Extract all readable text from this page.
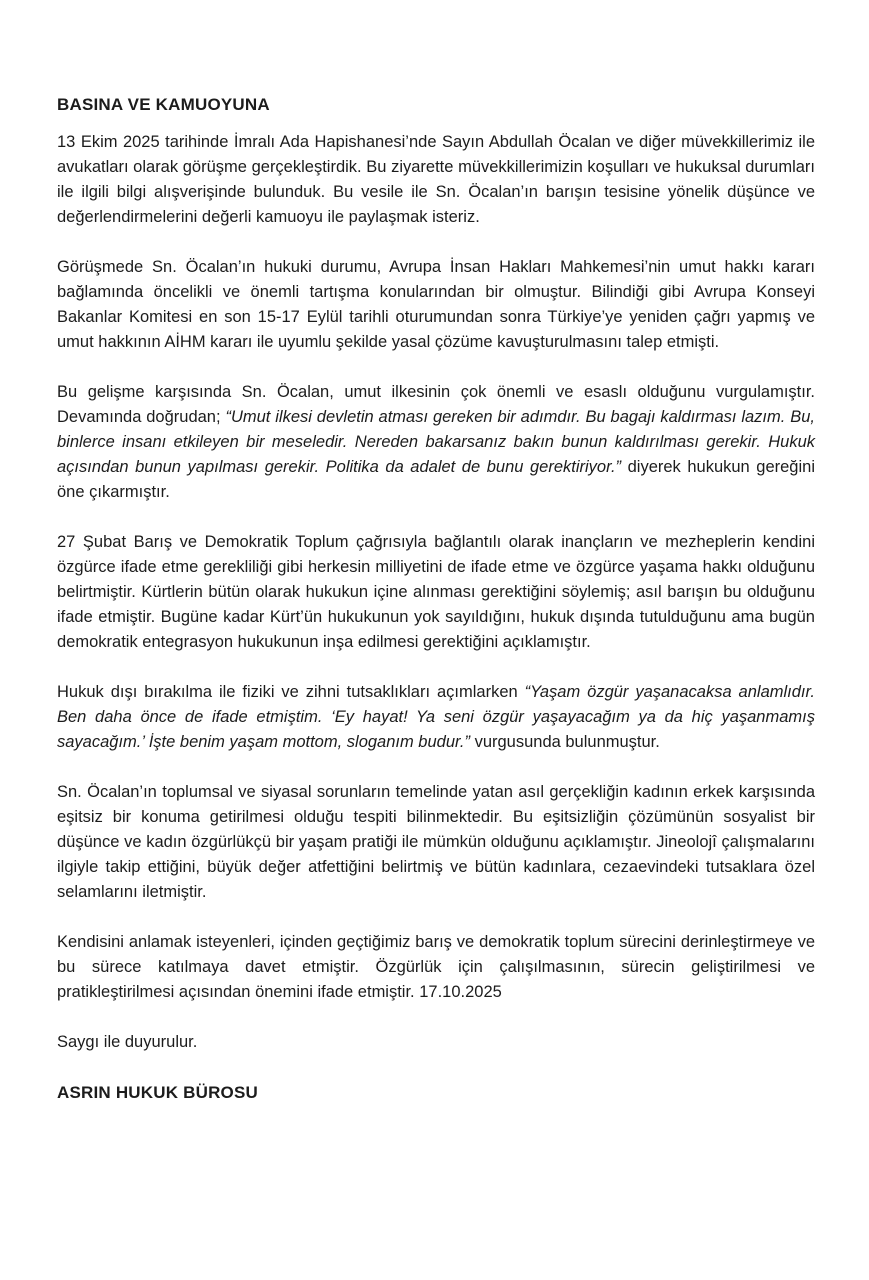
BASINA VE KAMUOYUNA

13 Ekim 2025 tarihinde İmralı Ada Hapishanesi’nde Sayın Abdullah Öcalan ve diğer müvekkillerimiz ile avukatları olarak görüşme gerçekleştirdik. Bu ziyarette müvekkillerimizin koşulları ve hukuksal durumları ile ilgili bilgi alışverişinde bulunduk. Bu vesile ile Sn. Öcalan’ın barışın tesisine yönelik düşünce ve değerlendirmelerini değerli kamuoyu ile paylaşmak isteriz.

Görüşmede Sn. Öcalan’ın hukuki durumu, Avrupa İnsan Hakları Mahkemesi’nin umut hakkı kararı bağlamında öncelikli ve önemli tartışma konularından bir olmuştur. Bilindiği gibi Avrupa Konseyi Bakanlar Komitesi en son 15-17 Eylül tarihli oturumundan sonra Türkiye’ye yeniden çağrı yapmış ve umut hakkının AİHM kararı ile uyumlu şekilde yasal çözüme kavuşturulmasını talep etmişti.

Bu gelişme karşısında Sn. Öcalan, umut ilkesinin çok önemli ve esaslı olduğunu vurgulamıştır. Devamında doğrudan; “Umut ilkesi devletin atması gereken bir adımdır. Bu bagajı kaldırması lazım. Bu, binlerce insanı etkileyen bir meseledir. Nereden bakarsanız bakın bunun kaldırılması gerekir. Hukuk açısından bunun yapılması gerekir. Politika da adalet de bunu gerektiriyor.” diyerek hukukun gereğini öne çıkarmıştır.

27 Şubat Barış ve Demokratik Toplum çağrısıyla bağlantılı olarak inançların ve mezheplerin kendini özgürce ifade etme gerekliliği gibi herkesin milliyetini de ifade etme ve özgürce yaşama hakkı olduğunu belirtmiştir. Kürtlerin bütün olarak hukukun içine alınması gerektiğini söylemiş; asıl barışın bu olduğunu ifade etmiştir. Bugüne kadar Kürt’ün hukukunun yok sayıldığını, hukuk dışında tutulduğunu ama bugün demokratik entegrasyon hukukunun inşa edilmesi gerektiğini açıklamıştır.

Hukuk dışı bırakılma ile fiziki ve zihni tutsaklıkları açımlarken “Yaşam özgür yaşanacaksa anlamlıdır. Ben daha önce de ifade etmiştim. ‘Ey hayat! Ya seni özgür yaşayacağım ya da hiç yaşanmamış sayacağım.’ İşte benim yaşam mottom, sloganım budur.” vurgusunda bulunmuştur.

Sn. Öcalan’ın toplumsal ve siyasal sorunların temelinde yatan asıl gerçekliğin kadının erkek karşısında eşitsiz bir konuma getirilmesi olduğu tespiti bilinmektedir. Bu eşitsizliğin çözümünün sosyalist bir düşünce ve kadın özgürlükçü bir yaşam pratiği ile mümkün olduğunu açıklamıştır. Jineolojî çalışmalarını ilgiyle takip ettiğini, büyük değer atfettiğini belirtmiş ve bütün kadınlara, cezaevindeki tutsaklara özel selamlarını iletmiştir.

Kendisini anlamak isteyenleri, içinden geçtiğimiz barış ve demokratik toplum sürecini derinleştirmeye ve bu sürece katılmaya davet etmiştir. Özgürlük için çalışılmasının, sürecin geliştirilmesi ve pratikleştirilmesi açısından önemini ifade etmiştir. 17.10.2025

Saygı ile duyurulur.

ASRIN HUKUK BÜROSU
